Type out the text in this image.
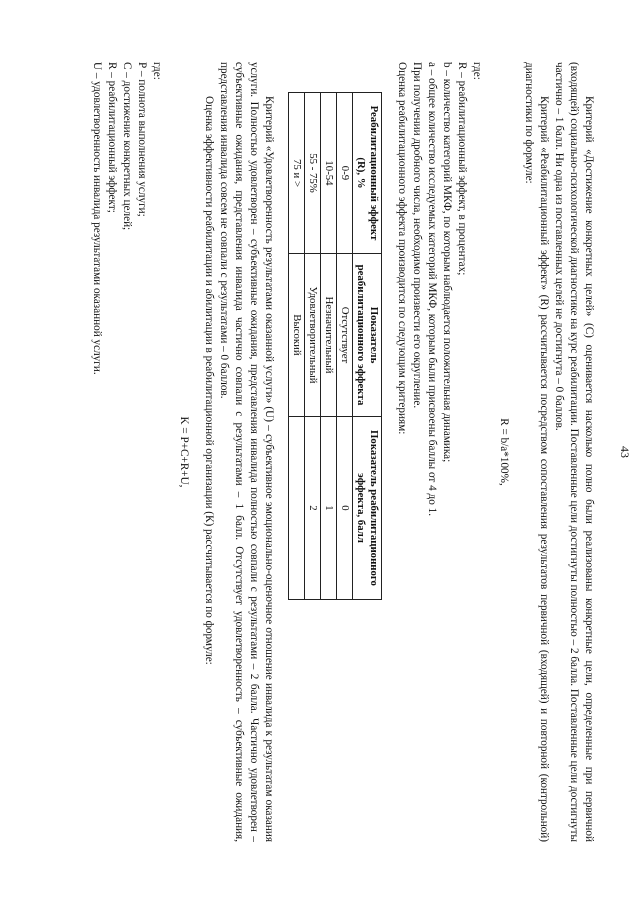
43

Критерий «Достижение конкретных целей» (С) оценивается насколько полно были реализованы конкретные цели, определенные при первичной (входящей) социально-психологической диагностике на курс реабилитации. Поставленные цели достигнуты полностью – 2 балла. Поставленные цели достигнуты частично – 1 балл. Ни одна из поставленных целей не достигнута – 0 баллов.

Критерий «Реабилитационный эффект» (R) рассчитывается посредством сопоставления результатов первичной (входящей) и повторной (контрольной) диагностики по формуле:

R = b/a*100%,

где:

R – реабилитационный эффект, в процентах;

b – количество категорий МКФ, по которым наблюдается положительная динамика;

a – общее количество исследуемых категорий МКФ, которым были присвоены баллы от 4 до 1.

При получении дробного числа, необходимо произвести его округление.

Оценка реабилитационного эффекта производится по следующим критериям:

Реабилитационный эффект (R), %	Показатель реабилитационного эффекта	Показатель реабилитационного эффекта, балл
0-9	Отсутствует	0
10-54	Незначительный	1
55 - 75%	Удовлетворительный	2
75 и >	Высокий	

Критерий «Удовлетворенность результатами оказанной услуги» (U) – субъективное эмоционально-оценочное отношение инвалида к результатам оказания услуги. Полностью удовлетворен – субъективные ожидания, представления инвалида полностью совпали с результатами – 2 балла. Частично удовлетворен – субъективные ожидания, представления инвалида частично совпали с результатами – 1 балл. Отсутствует удовлетворенность – субъективные ожидания, представления инвалида совсем не совпали с результатами – 0 баллов.

Оценка эффективности реабилитации и абилитации в реабилитационной организации (К) рассчитывается по формуле:

K = P+C+R+U,

где:

Р – полнота выполнения услуги;

С – достижение конкретных целей;

R – реабилитационный эффект;

U – удовлетворенность инвалида результатами оказанной услуги.
